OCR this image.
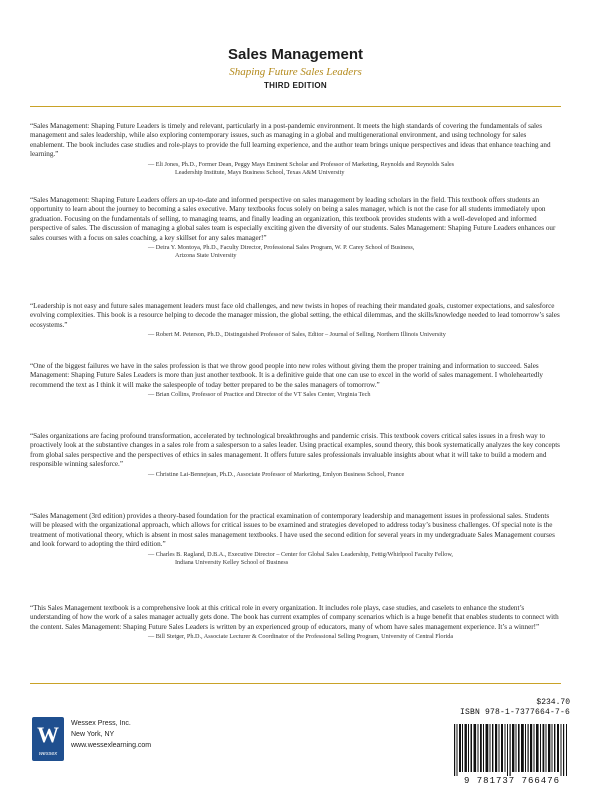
Sales Management
Shaping Future Sales Leaders
THIRD EDITION

“Sales Management: Shaping Future Leaders is timely and relevant, particularly in a post-pandemic environment. It meets the high standards of covering the fundamentals of sales management and sales leadership, while also exploring contemporary issues, such as managing in a global and multigenerational environment, and using technology for sales enablement. The book includes case studies and role-plays to provide the full learning experience, and the author team brings unique perspectives and ideas that enhance teaching and learning.”

— Eli Jones, Ph.D., Former Dean, Peggy Mays Eminent Scholar and Professor of Marketing, Reynolds and Reynolds Sales
Leadership Institute, Mays Business School, Texas A&M University

“Sales Management: Shaping Future Leaders offers an up-to-date and informed perspective on sales management by leading scholars in the field. This textbook offers students an opportunity to learn about the journey to becoming a sales executive. Many textbooks focus solely on being a sales manager, which is not the case for all students immediately upon graduation. Focusing on the fundamentals of selling, to managing teams, and finally leading an organization, this textbook provides students with a well-developed and informed perspective of sales. The discussion of managing a global sales team is especially exciting given the diversity of our students. Sales Management: Shaping Future Leaders enhances our sales courses with a focus on sales coaching, a key skillset for any sales manager!”

— Deira Y. Montoya, Ph.D., Faculty Director, Professional Sales Program, W. P. Carey School of Business,
Arizona State University

“Leadership is not easy and future sales management leaders must face old challenges, and new twists in hopes of reaching their mandated goals, customer expectations, and salesforce evolving complexities. This book is a resource helping to decode the manager mission, the global setting, the ethical dilemmas, and the skills/knowledge needed to lead tomorrow’s sales ecosystems.”

— Robert M. Peterson, Ph.D., Distinguished Professor of Sales, Editor – Journal of Selling, Northern Illinois University

“One of the biggest failures we have in the sales profession is that we throw good people into new roles without giving them the proper training and information to succeed. Sales Management: Shaping Future Sales Leaders is more than just another textbook. It is a definitive guide that one can use to excel in the world of sales management. I wholeheartedly recommend the text as I think it will make the salespeople of today better prepared to be the sales managers of tomorrow.”

— Brian Collins, Professor of Practice and Director of the VT Sales Center, Virginia Tech

“Sales organizations are facing profound transformation, accelerated by technological breakthroughs and pandemic crisis. This textbook covers critical sales issues in a fresh way to proactively look at the substantive changes in a sales role from a salesperson to a sales leader. Using practical examples, sound theory, this book systematically analyzes the key concepts from global sales perspective and the perspectives of ethics in sales management. It offers future sales professionals invaluable insights about what it will take to build a modern and responsible winning salesforce.”

— Christine Lai-Bennejean, Ph.D., Associate Professor of Marketing, Emlyon Business School, France

“Sales Management (3rd edition) provides a theory-based foundation for the practical examination of contemporary leadership and management issues in professional sales. Students will be pleased with the organizational approach, which allows for critical issues to be examined and strategies developed to address today’s business challenges. Of special note is the treatment of motivational theory, which is absent in most sales management textbooks. I have used the second edition for several years in my undergraduate Sales Management courses and look forward to adopting the third edition.”

— Charles B. Ragland, D.B.A., Executive Director – Center for Global Sales Leadership, Fettig/Whirlpool Faculty Fellow,
Indiana University Kelley School of Business

“This Sales Management textbook is a comprehensive look at this critical role in every organization. It includes role plays, case studies, and caselets to enhance the student’s understanding of how the work of a sales manager actually gets done. The book has current examples of company scenarios which is a huge benefit that enables students to connect with the content. Sales Management: Shaping Future Sales Leaders is written by an experienced group of educators, many of whom have sales management experience. It’s a winner!”

— Bill Stetger, Ph.D., Associate Lecturer & Coordinator of the Professional Selling Program, University of Central Florida
W
wessex
Wessex Press, Inc.
New York, NY
www.wessexlearning.com
$234.70
ISBN 978-1-7377664-7-6
9 781737 766476
